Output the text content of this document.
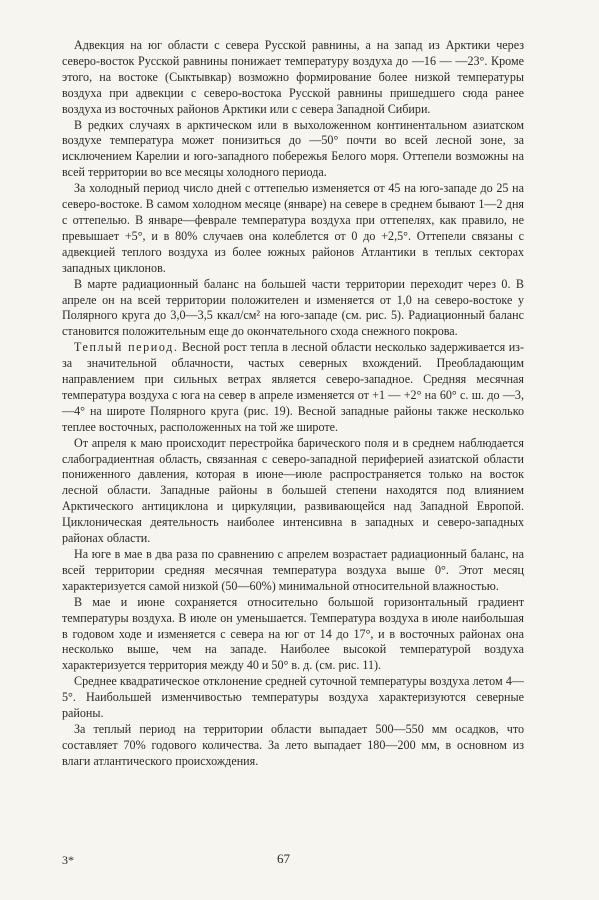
Адвекция на юг области с севера Русской равнины, а на запад из Арктики через северо-восток Русской равнины понижает температуру воздуха до —16 — —23°. Кроме этого, на востоке (Сыктывкар) возможно формирование более низкой температуры воздуха при адвекции с северо-востока Русской равнины пришедшего сюда ранее воздуха из восточных районов Арктики или с севера Западной Сибири.

В редких случаях в арктическом или в выхоложенном континентальном азиатском воздухе температура может понизиться до —50° почти во всей лесной зоне, за исключением Карелии и юго-западного побережья Белого моря. Оттепели возможны на всей территории во все месяцы холодного периода.

За холодный период число дней с оттепелью изменяется от 45 на юго-западе до 25 на северо-востоке. В самом холодном месяце (январе) на севере в среднем бывают 1—2 дня с оттепелью. В январе—феврале температура воздуха при оттепелях, как правило, не превышает +5°, и в 80% случаев она колеблется от 0 до +2,5°. Оттепели связаны с адвекцией теплого воздуха из более южных районов Атлантики в теплых секторах западных циклонов.

В марте радиационный баланс на большей части территории переходит через 0. В апреле он на всей территории положителен и изменяется от 1,0 на северо-востоке у Полярного круга до 3,0—3,5 ккал/см² на юго-западе (см. рис. 5). Радиационный баланс становится положительным еще до окончательного схода снежного покрова.

Теплый период. Весной рост тепла в лесной области несколько задерживается из-за значительной облачности, частых северных вхождений. Преобладающим направлением при сильных ветрах является северо-западное. Средняя месячная температура воздуха с юга на север в апреле изменяется от +1 — +2° на 60° с. ш. до —3, —4° на широте Полярного круга (рис. 19). Весной западные районы также несколько теплее восточных, расположенных на той же широте.

От апреля к маю происходит перестройка барического поля и в среднем наблюдается слабоградиентная область, связанная с северо-западной периферией азиатской области пониженного давления, которая в июне—июле распространяется только на восток лесной области. Западные районы в большей степени находятся под влиянием Арктического антициклона и циркуляции, развивающейся над Западной Европой. Циклоническая деятельность наиболее интенсивна в западных и северо-западных районах области.

На юге в мае в два раза по сравнению с апрелем возрастает радиационный баланс, на всей территории средняя месячная температура воздуха выше 0°. Этот месяц характеризуется самой низкой (50—60%) минимальной относительной влажностью.

В мае и июне сохраняется относительно большой горизонтальный градиент температуры воздуха. В июле он уменьшается. Температура воздуха в июле наибольшая в годовом ходе и изменяется с севера на юг от 14 до 17°, и в восточных районах она несколько выше, чем на западе. Наиболее высокой температурой воздуха характеризуется территория между 40 и 50° в. д. (см. рис. 11).

Среднее квадратическое отклонение средней суточной температуры воздуха летом 4—5°. Наибольшей изменчивостью температуры воздуха характеризуются северные районы.

За теплый период на территории области выпадает 500—550 мм осадков, что составляет 70% годового количества. За лето выпадает 180—200 мм, в основном из влаги атлантического происхождения.

3*	67
